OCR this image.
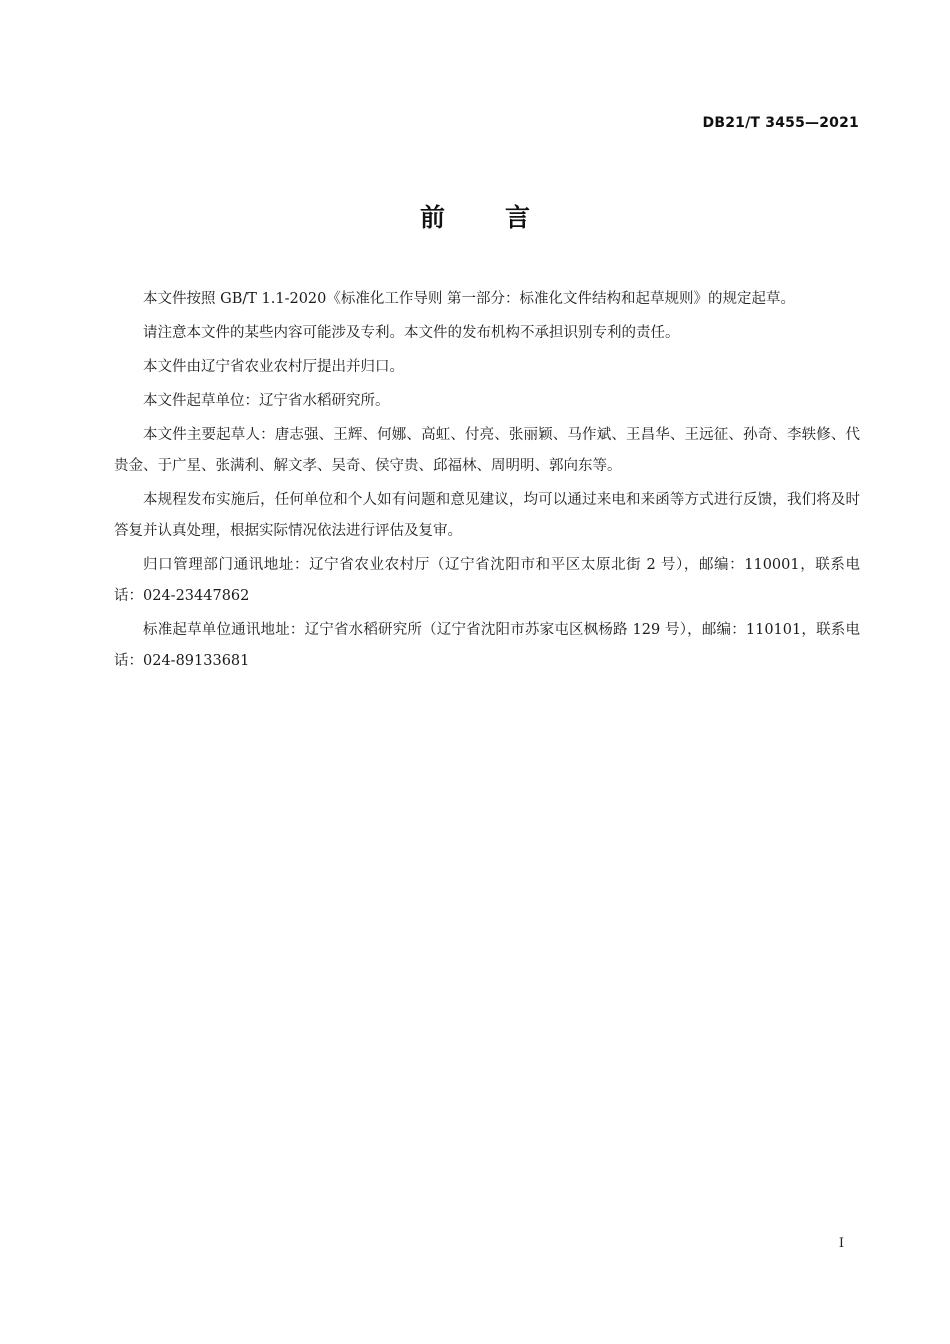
DB21/T 3455—2021
前言

本文件按照 GB/T 1.1-2020《标准化工作导则 第一部分：标准化文件结构和起草规则》的规定起草。

请注意本文件的某些内容可能涉及专利。本文件的发布机构不承担识别专利的责任。

本文件由辽宁省农业农村厅提出并归口。

本文件起草单位：辽宁省水稻研究所。

本文件主要起草人：唐志强、王辉、何娜、高虹、付亮、张丽颖、马作斌、王昌华、王远征、孙奇、李轶修、代贵金、于广星、张满利、解文孝、吴奇、侯守贵、邱福林、周明明、郭向东等。

本规程发布实施后，任何单位和个人如有问题和意见建议，均可以通过来电和来函等方式进行反馈，我们将及时答复并认真处理，根据实际情况依法进行评估及复审。

归口管理部门通讯地址：辽宁省农业农村厅（辽宁省沈阳市和平区太原北街 2 号），邮编：110001，联系电话：024-23447862

标准起草单位通讯地址：辽宁省水稻研究所（辽宁省沈阳市苏家屯区枫杨路 129 号），邮编：110101，联系电话：024-89133681

I
